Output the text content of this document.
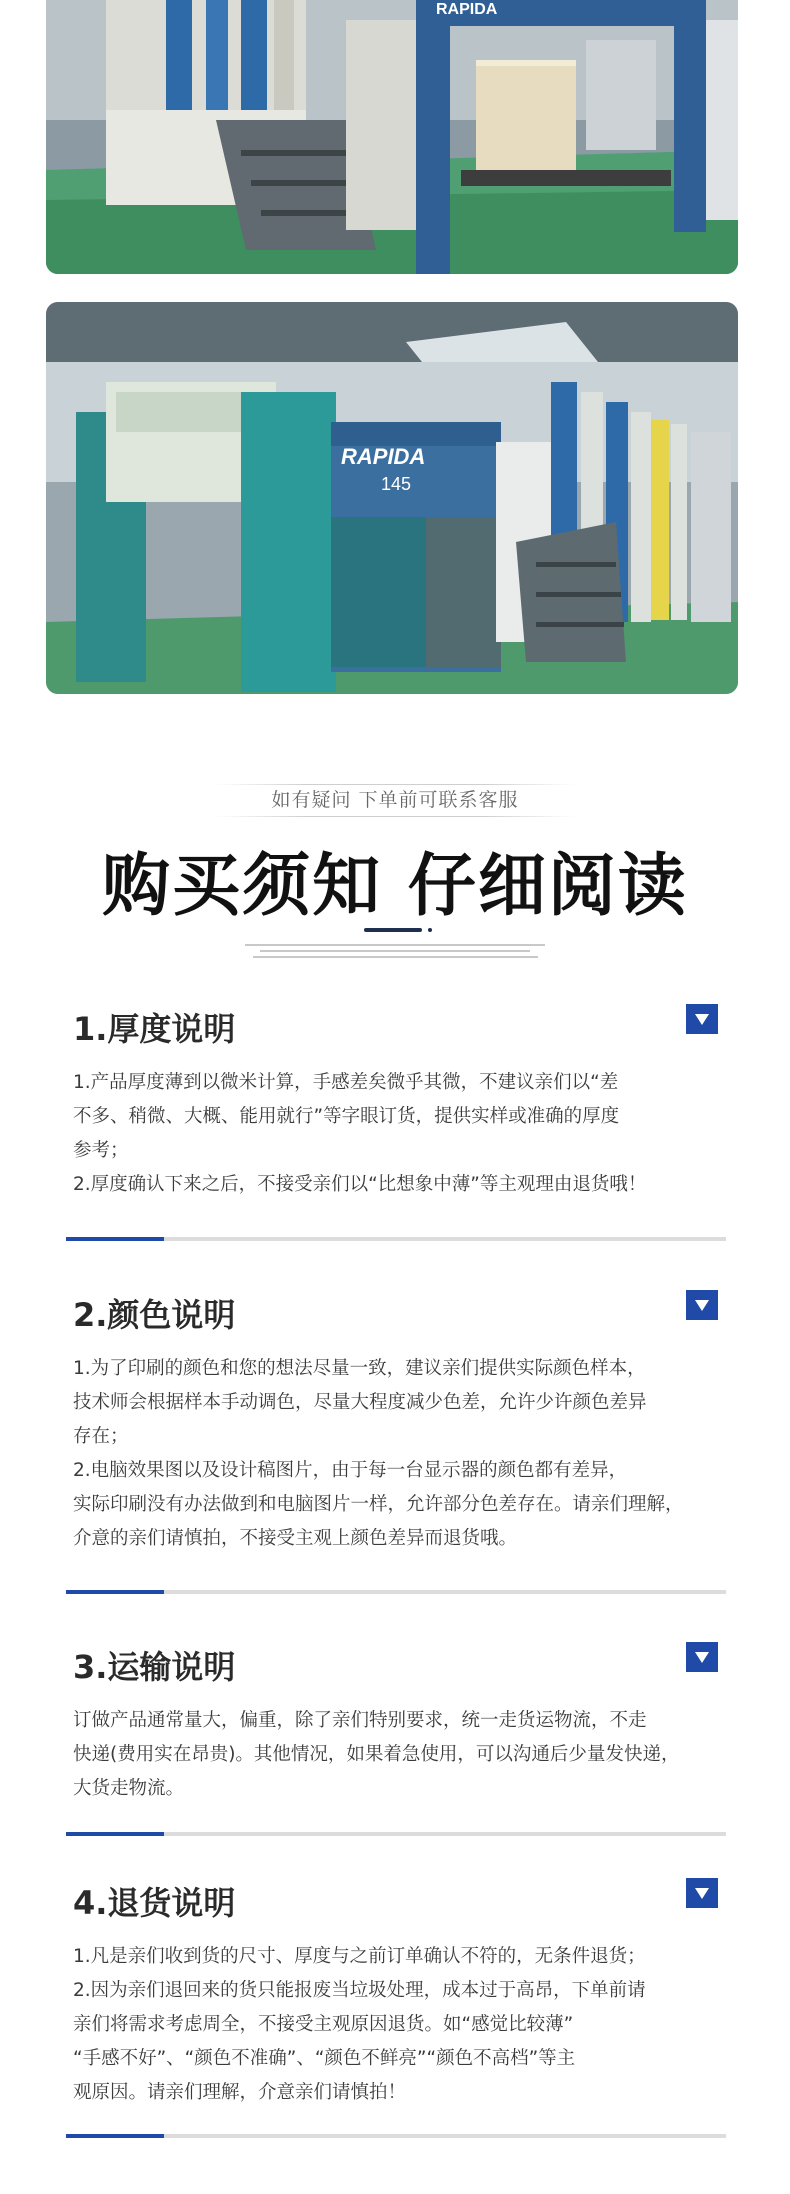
RAPIDA
RAPIDA
145
如有疑问 下单前可联系客服
购买须知 仔细阅读
1.厚度说明

1.产品厚度薄到以微米计算，手感差矣微乎其微，不建议亲们以“差

不多、稍微、大概、能用就行”等字眼订货，提供实样或准确的厚度

参考；

2.厚度确认下来之后，不接受亲们以“比想象中薄”等主观理由退货哦！

2.颜色说明

1.为了印刷的颜色和您的想法尽量一致，建议亲们提供实际颜色样本，

技术师会根据样本手动调色，尽量大程度减少色差，允许少许颜色差异

存在；

2.电脑效果图以及设计稿图片，由于每一台显示器的颜色都有差异，

实际印刷没有办法做到和电脑图片一样，允许部分色差存在。请亲们理解，

介意的亲们请慎拍，不接受主观上颜色差异而退货哦。

3.运输说明

订做产品通常量大，偏重，除了亲们特别要求，统一走货运物流，不走

快递(费用实在昂贵)。其他情况，如果着急使用，可以沟通后少量发快递，

大货走物流。

4.退货说明

1.凡是亲们收到货的尺寸、厚度与之前订单确认不符的，无条件退货；

2.因为亲们退回来的货只能报废当垃圾处理，成本过于高昂，下单前请

亲们将需求考虑周全，不接受主观原因退货。如“感觉比较薄”

“手感不好”、“颜色不准确”、“颜色不鲜亮”“颜色不高档”等主

观原因。请亲们理解，介意亲们请慎拍！
